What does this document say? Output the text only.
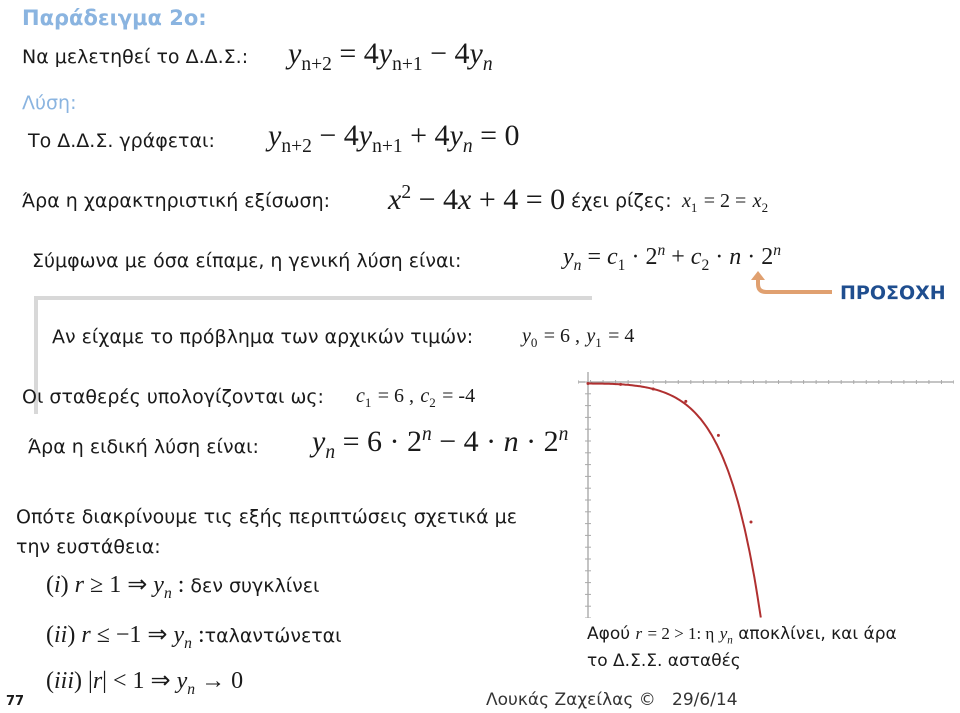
Παράδειγμα 2ο:
Να μελετηθεί το Δ.Δ.Σ.: $y_{n+2} = 4y_{n+1} - 4y_n$
Λύση:
Το Δ.Δ.Σ. γράφεται: $y_{n+2} - 4y_{n+1} + 4y_n = 0$
Άρα η χαρακτηριστική εξίσωση: $x^2 - 4x + 4 = 0$ έχει ρίζες: $x_1 = 2 = x_2$
Σύμφωνα με όσα είπαμε, η γενική λύση είναι:	$y_n = c_1 \cdot 2^n + c_2 \cdot n \cdot 2^n$
ΠΡΟΣΟΧΗ
Αν είχαμε το πρόβλημα των αρχικών τιμών: $y_0 = 6$ , $y_1 = 4$
Οι σταθερές υπολογίζονται ως: $c_1 = 6$ , $c_2 = -4$
Άρα η ειδική λύση είναι: $y_n = 6 \cdot 2^n - 4 \cdot n \cdot 2^n$
Οπότε διακρίνουμε τις εξής περιπτώσεις σχετικά με
την ευστάθεια:
(i) r ≥ 1 ⇒ $y_n$ : δεν συγκλίνει
(ii) r ≤ −1 ⇒ $y_n$ :ταλαντώνεται
(iii) |r| < 1 ⇒ $y_n \to 0$
Αφού r = 2 > 1: η $y_n$ αποκλίνει, και άρα
το Δ.Σ.Σ. ασταθές
77	Λουκάς Ζαχείλας © 29/6/14
